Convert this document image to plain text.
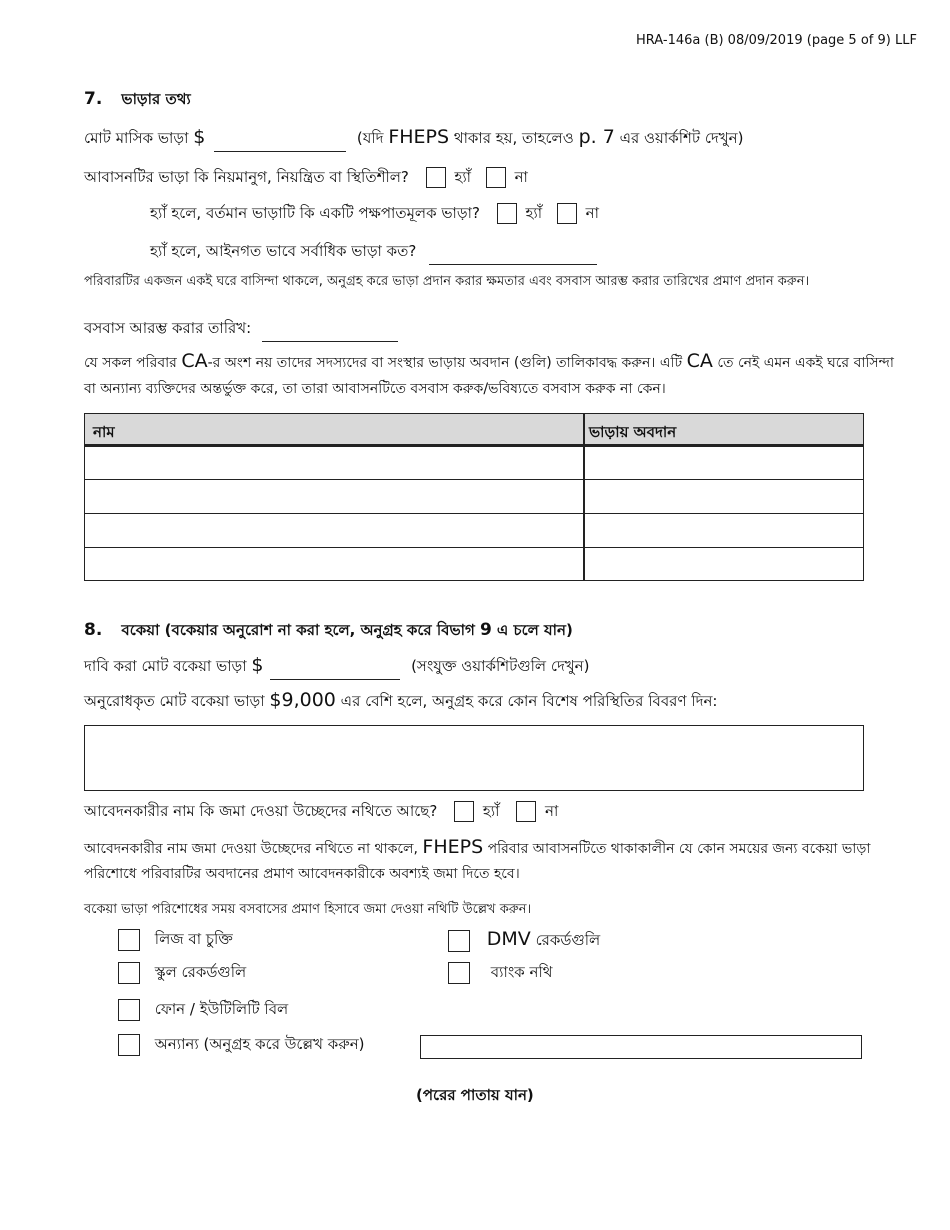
HRA-146a (B) 08/09/2019 (page 5 of 9) LLF
7. ভাড়ার তথ্য
মোট মাসিক ভাড়া $	(যদি FHEPS থাকার হয়, তাহলেও p. 7 এর ওয়ার্কশিট দেখুন)
আবাসনটির ভাড়া কি নিয়মানুগ, নিয়ন্ত্রিত বা স্থিতিশীল?	হ্যাঁ	না
হ্যাঁ হলে, বর্তমান ভাড়াটি কি একটি পক্ষপাতমূলক ভাড়া?	হ্যাঁ	না
হ্যাঁ হলে, আইনগত ভাবে সর্বাধিক ভাড়া কত?
পরিবারটির একজন একই ঘরে বাসিন্দা থাকলে, অনুগ্রহ করে ভাড়া প্রদান করার ক্ষমতার এবং বসবাস আরম্ভ করার তারিখের প্রমাণ প্রদান করুন।
বসবাস আরম্ভ করার তারিখ:
যে সকল পরিবার CA-র অংশ নয় তাদের সদস্যদের বা সংস্থার ভাড়ায় অবদান (গুলি) তালিকাবদ্ধ করুন। এটি CA তে নেই এমন একই ঘরে বাসিন্দা
বা অন্যান্য ব্যক্তিদের অন্তর্ভুক্ত করে, তা তারা আবাসনটিতে বসবাস করুক/ভবিষ্যতে বসবাস করুক না কেন।
নাম	ভাড়ায় অবদান
8. বকেয়া (বকেয়ার অনুরোশ না করা হলে, অনুগ্রহ করে বিভাগ 9 এ চলে যান)
দাবি করা মোট বকেয়া ভাড়া $	(সংযুক্ত ওয়ার্কশিটগুলি দেখুন)
অনুরোধকৃত মোট বকেয়া ভাড়া $9,000 এর বেশি হলে, অনুগ্রহ করে কোন বিশেষ পরিস্থিতির বিবরণ দিন:
আবেদনকারীর নাম কি জমা দেওয়া উচ্ছেদের নথিতে আছে?	হ্যাঁ	না
আবেদনকারীর নাম জমা দেওয়া উচ্ছেদের নথিতে না থাকলে, FHEPS পরিবার আবাসনটিতে থাকাকালীন যে কোন সময়ের জন্য বকেয়া ভাড়া
পরিশোধে পরিবারটির অবদানের প্রমাণ আবেদনকারীকে অবশ্যই জমা দিতে হবে।
বকেয়া ভাড়া পরিশোধের সময় বসবাসের প্রমাণ হিসাবে জমা দেওয়া নথিটি উল্লেখ করুন।
লিজ বা চুক্তি	DMV রেকর্ডগুলি
স্কুল রেকর্ডগুলি	ব্যাংক নথি
ফোন / ইউটিলিটি বিল
অন্যান্য (অনুগ্রহ করে উল্লেখ করুন)
(পরের পাতায় যান)
